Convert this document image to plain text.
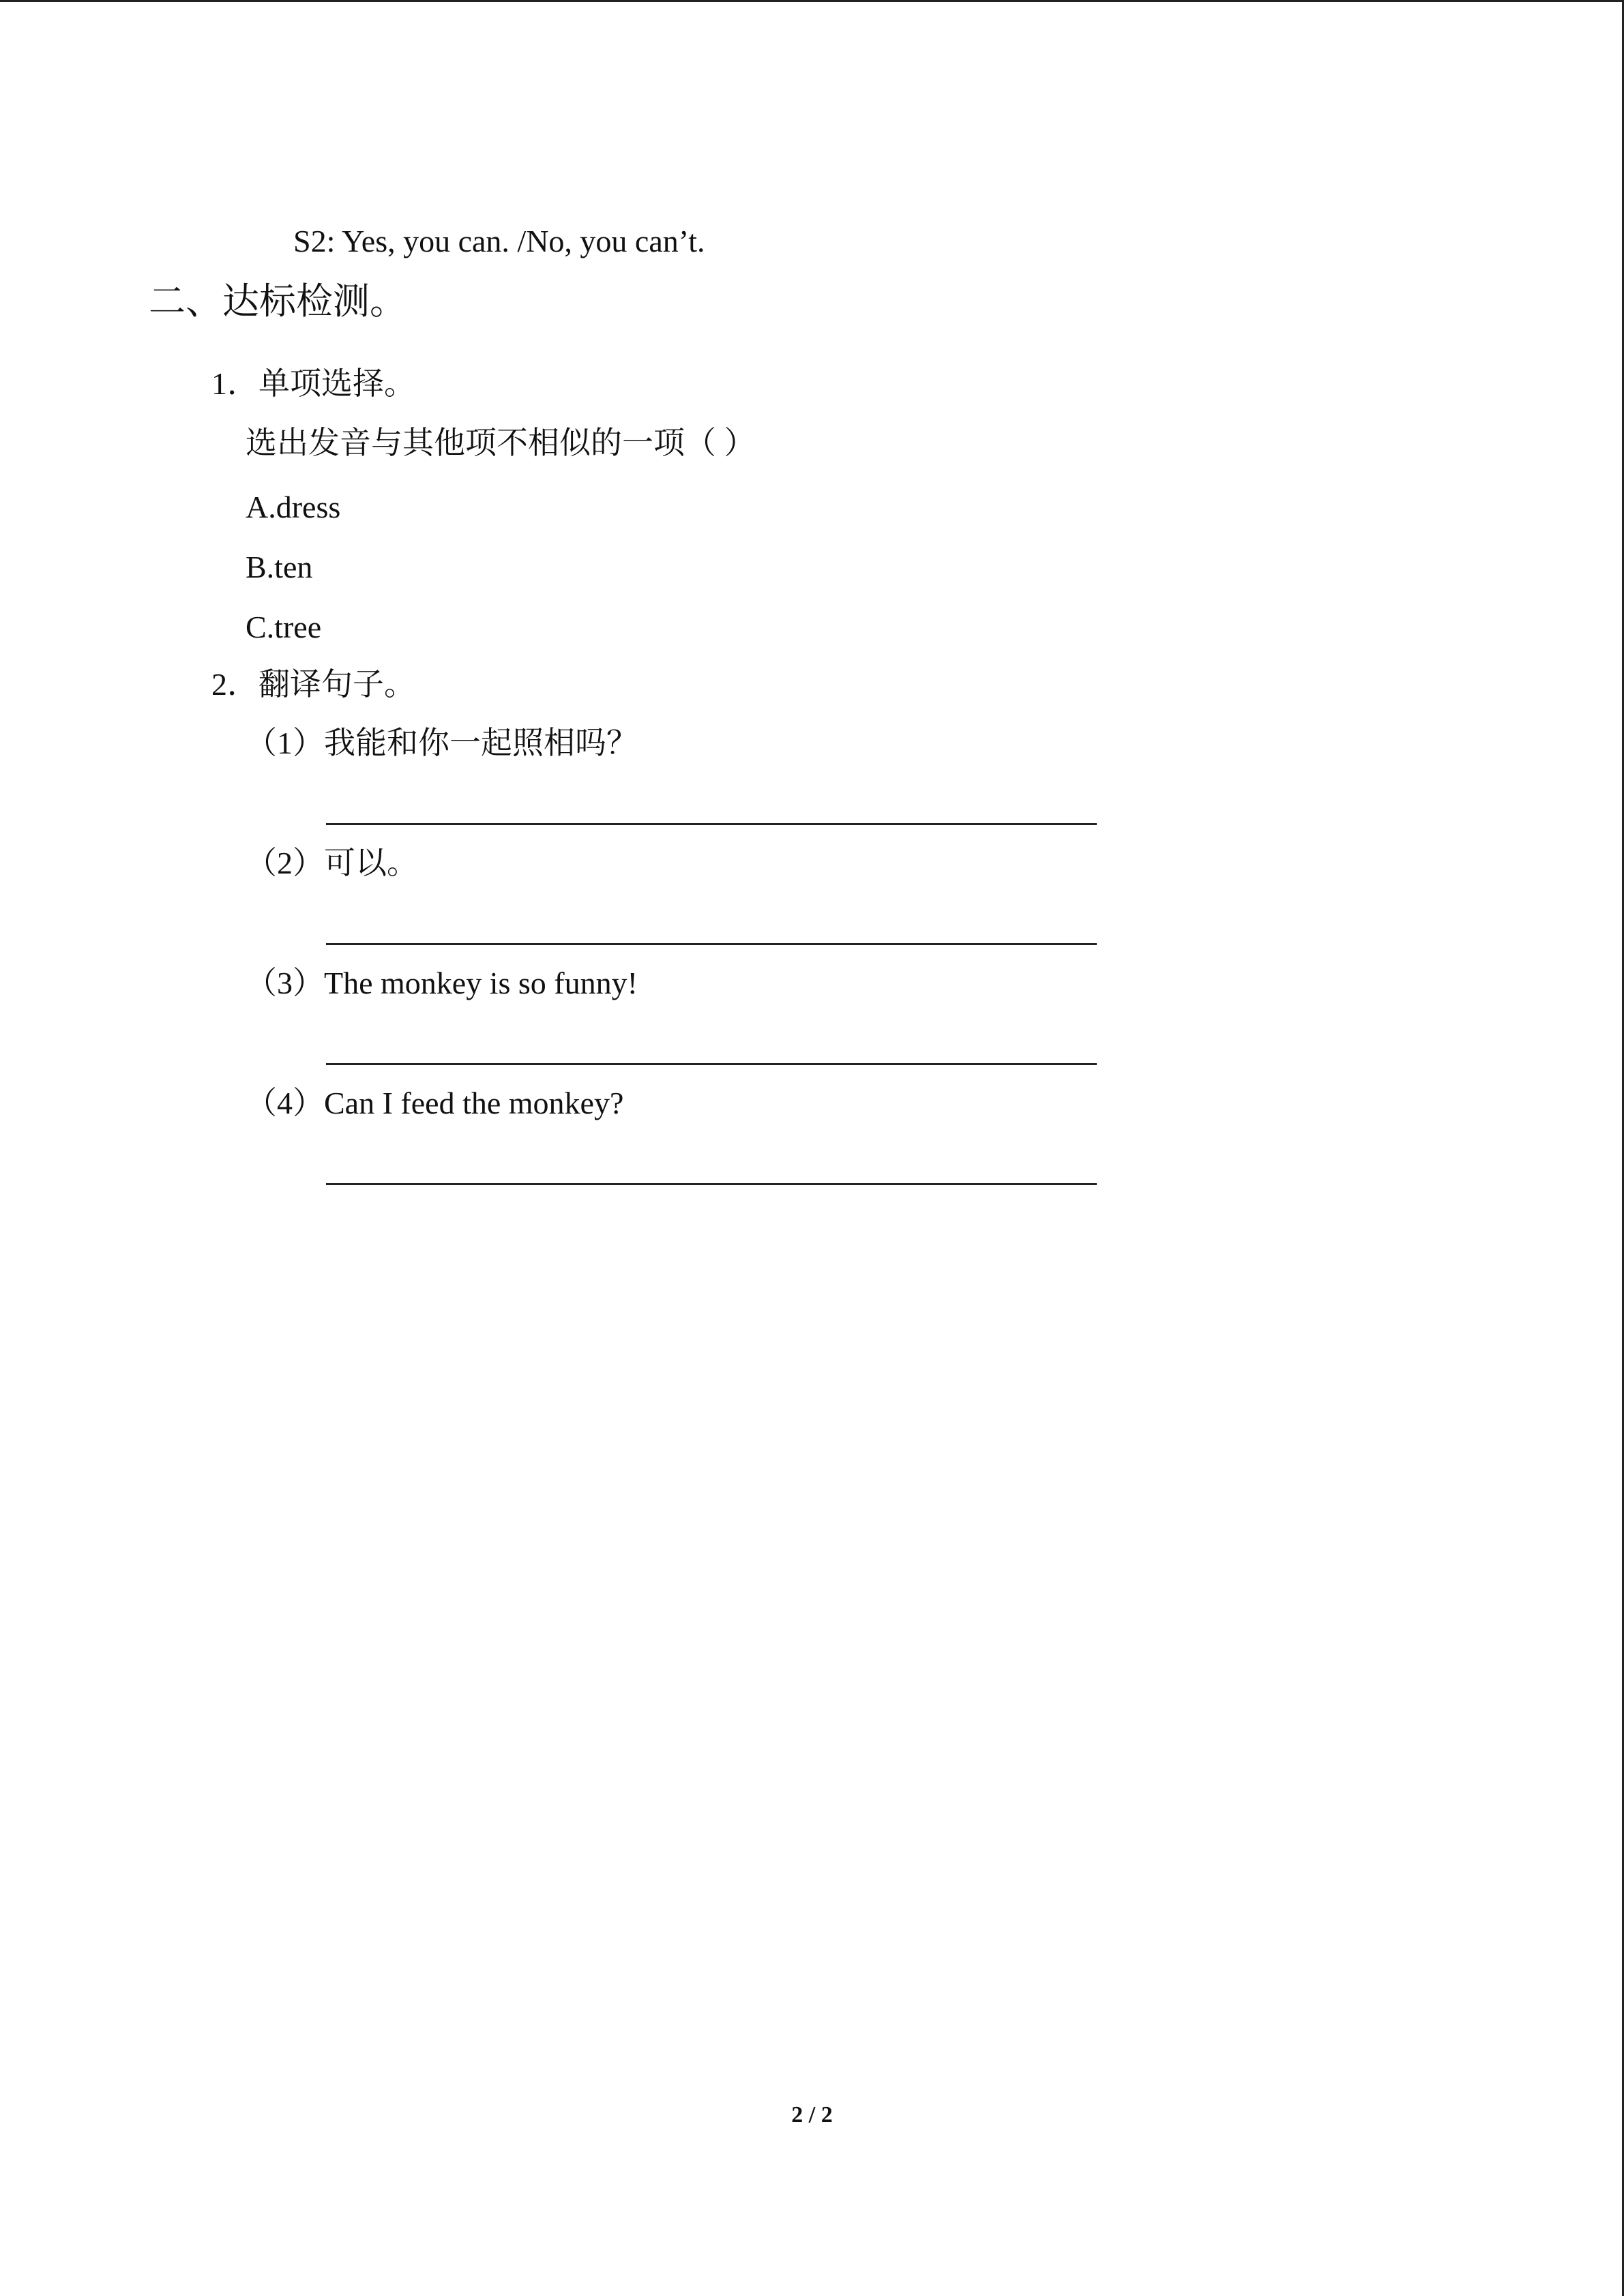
S2: Yes, you can. /No, you can’t.
二、达标检测。
1．单项选择。
选出发音与其他项不相似的一项（ ）
A.dress
B.ten
C.tree
2．翻译句子。
（1）我能和你一起照相吗？
（2）可以。
（3）The monkey is so funny!
（4）Can I feed the monkey?
2 / 2
